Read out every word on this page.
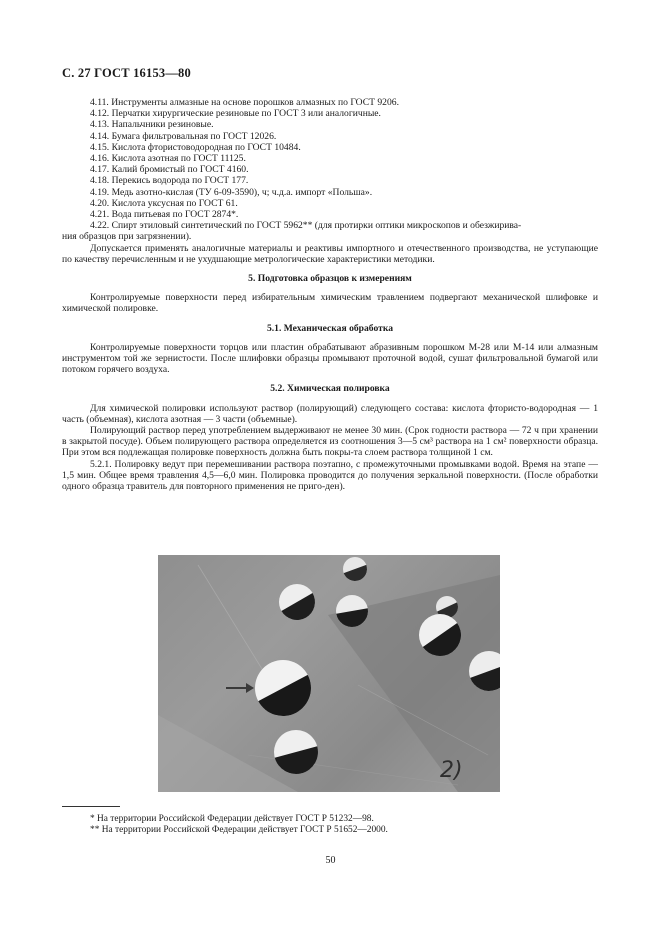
С. 27 ГОСТ 16153—80
4.11. Инструменты алмазные на основе порошков алмазных по ГОСТ 9206.
4.12. Перчатки хирургические резиновые по ГОСТ 3 или аналогичные.
4.13. Напальчники резиновые.
4.14. Бумага фильтровальная по ГОСТ 12026.
4.15. Кислота фтористоводородная по ГОСТ 10484.
4.16. Кислота азотная по ГОСТ 11125.
4.17. Калий бромистый по ГОСТ 4160.
4.18. Перекись водорода по ГОСТ 177.
4.19. Медь азотно-кислая (ТУ 6-09-3590), ч; ч.д.а. импорт «Польша».
4.20. Кислота уксусная по ГОСТ 61.
4.21. Вода питьевая по ГОСТ 2874*.
4.22. Спирт этиловый синтетический по ГОСТ 5962** (для протирки оптики микроскопов и обезжирива-
ния образцов при загрязнении).
Допускается применять аналогичные материалы и реактивы импортного и отечественного производства, не уступающие по качеству перечисленным и не ухудшающие метрологические характеристики методики.
5. Подготовка образцов к измерениям
Контролируемые поверхности перед избирательным химическим травлением подвергают механической шлифовке и химической полировке.
5.1. Механическая обработка
Контролируемые поверхности торцов или пластин обрабатывают абразивным порошком М-28 или М-14 или алмазным инструментом той же зернистости. После шлифовки образцы промывают проточной водой, сушат фильтровальной бумагой или потоком горячего воздуха.
5.2. Химическая полировка
Для химической полировки используют раствор (полирующий) следующего состава: кислота фтористо-водородная — 1 часть (объемная), кислота азотная — 3 части (объемные).
Полирующий раствор перед употреблением выдерживают не менее 30 мин. (Срок годности раствора — 72 ч при хранении в закрытой посуде). Объем полирующего раствора определяется из соотношения 3—5 см³ раствора на 1 см² поверхности образца. При этом вся подлежащая полировке поверхность должна быть покры-та слоем раствора толщиной 1 см.
5.2.1. Полировку ведут при перемешивании раствора поэтапно, с промежуточными промывками водой. Время на этапе — 1,5 мин. Общее время травления 4,5—6,0 мин. Полировка проводится до получения зеркальной поверхности. (После обработки одного образца травитель для повторного применения не приго-ден).
2)
* На территории Российской Федерации действует ГОСТ Р 51232—98.
** На территории Российской Федерации действует ГОСТ Р 51652—2000.
50
